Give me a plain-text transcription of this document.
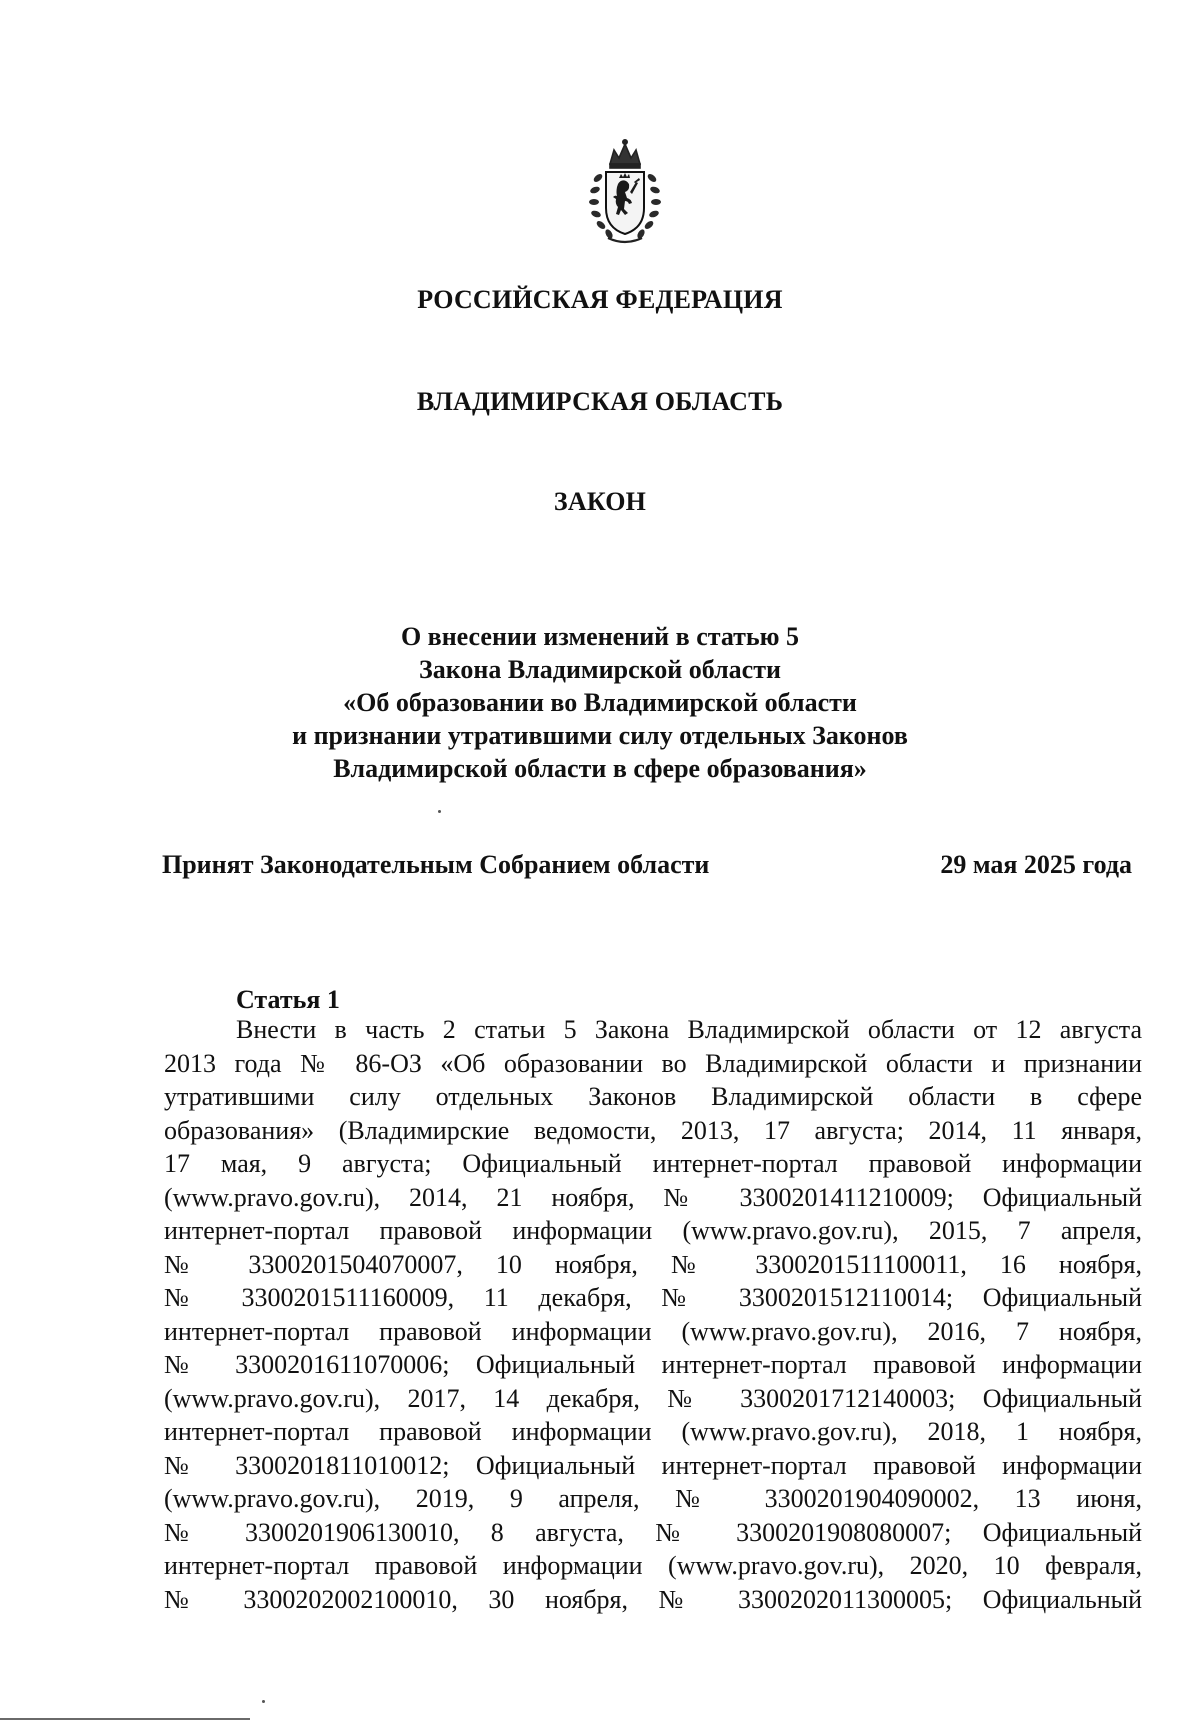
РОССИЙСКАЯ ФЕДЕРАЦИЯ
ВЛАДИМИРСКАЯ ОБЛАСТЬ
ЗАКОН
О внесении изменений в статью 5
Закона Владимирской области
«Об образовании во Владимирской области
и признании утратившими силу отдельных Законов
Владимирской области в сфере образования»

Принят Законодательным Собранием области	29 мая 2025 года

Статья 1
Внести в часть 2 статьи 5 Закона Владимирской области от 12 августа
2013 года № 86-ОЗ «Об образовании во Владимирской области и признании
утратившими силу отдельных Законов Владимирской области в сфере
образования» (Владимирские ведомости, 2013, 17 августа; 2014, 11 января,
17 мая, 9 августа; Официальный интернет-портал правовой информации
(www.pravo.gov.ru), 2014, 21 ноября, № 3300201411210009; Официальный
интернет-портал правовой информации (www.pravo.gov.ru), 2015, 7 апреля,
№ 3300201504070007, 10 ноября, № 3300201511100011, 16 ноября,
№ 3300201511160009, 11 декабря, № 3300201512110014; Официальный
интернет-портал правовой информации (www.pravo.gov.ru), 2016, 7 ноября,
№ 3300201611070006; Официальный интернет-портал правовой информации
(www.pravo.gov.ru), 2017, 14 декабря, № 3300201712140003; Официальный
интернет-портал правовой информации (www.pravo.gov.ru), 2018, 1 ноября,
№ 3300201811010012; Официальный интернет-портал правовой информации
(www.pravo.gov.ru), 2019, 9 апреля, № 3300201904090002, 13 июня,
№ 3300201906130010, 8 августа, № 3300201908080007; Официальный
интернет-портал правовой информации (www.pravo.gov.ru), 2020, 10 февраля,
№ 3300202002100010, 30 ноября, № 3300202011300005; Официальный
